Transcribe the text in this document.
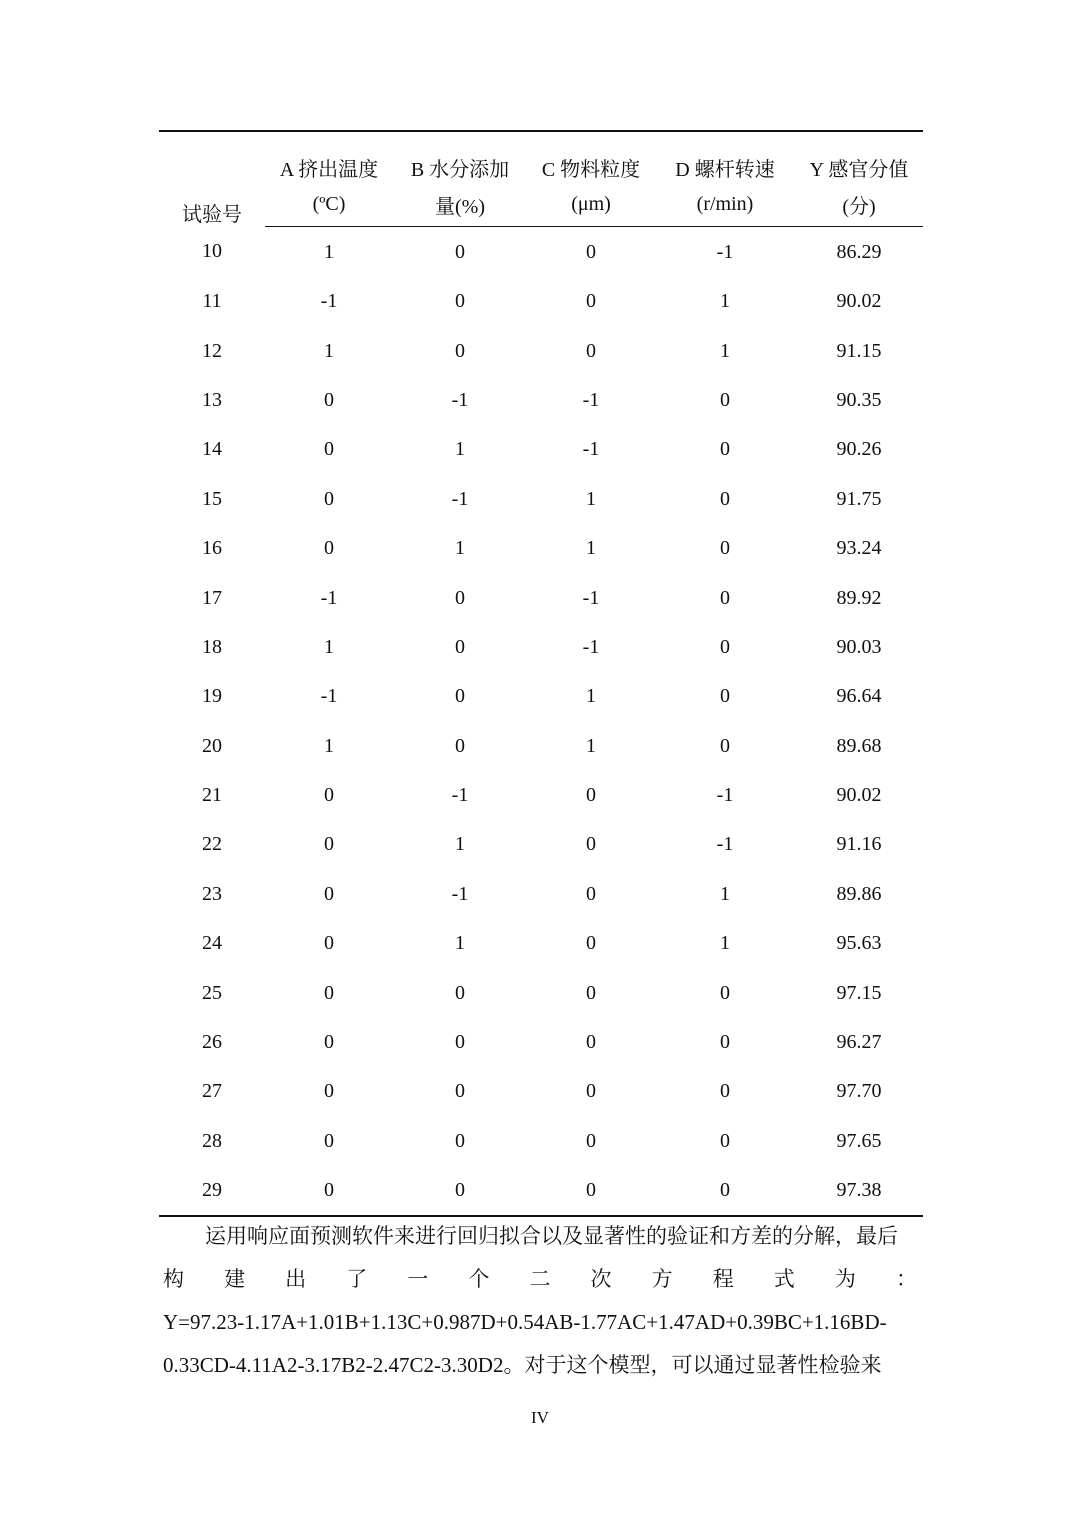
试验号	A 挤出温度	B 水分添加	C 物料粒度	D 螺杆转速	Y 感官分值
	(ºC)	量(%)	(μm)	(r/min)	(分)
10	1	0	0	-1	86.29
11	-1	0	0	1	90.02
12	1	0	0	1	91.15
13	0	-1	-1	0	90.35
14	0	1	-1	0	90.26
15	0	-1	1	0	91.75
16	0	1	1	0	93.24
17	-1	0	-1	0	89.92
18	1	0	-1	0	90.03
19	-1	0	1	0	96.64
20	1	0	1	0	89.68
21	0	-1	0	-1	90.02
22	0	1	0	-1	91.16
23	0	-1	0	1	89.86
24	0	1	0	1	95.63
25	0	0	0	0	97.15
26	0	0	0	0	96.27
27	0	0	0	0	97.70
28	0	0	0	0	97.65
29	0	0	0	0	97.38
运用响应面预测软件来进行回归拟合以及显著性的验证和方差的分解，最后
构 建 出 了 一 个 二 次 方 程 式 为 ：
Y=97.23-1.17A+1.01B+1.13C+0.987D+0.54AB-1.77AC+1.47AD+0.39BC+1.16BD-
0.33CD-4.11A2-3.17B2-2.47C2-3.30D2。对于这个模型，可以通过显著性检验来
IV
